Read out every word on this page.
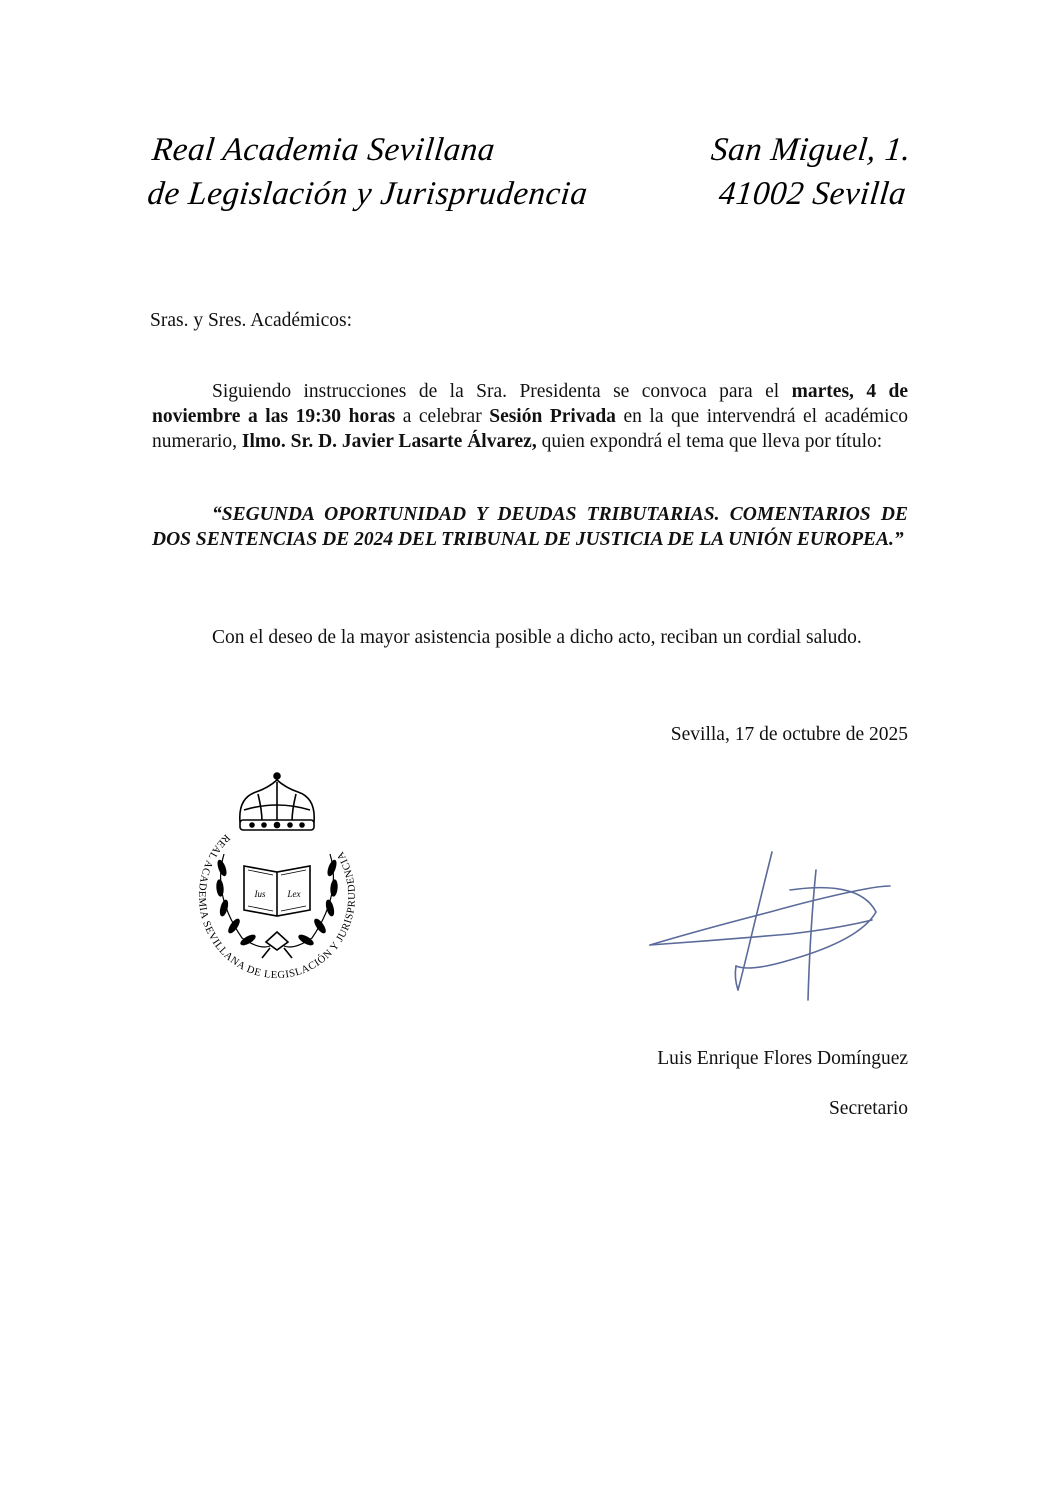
Real Academia Sevillana
de Legislación y Jurisprudencia
San Miguel, 1.
41002 Sevilla
Sras. y Sres. Académicos:

Siguiendo instrucciones de la Sra. Presidenta se convoca para el martes, 4 de noviembre a las 19:30 horas a celebrar Sesión Privada en la que intervendrá el académico numerario, Ilmo. Sr. D. Javier Lasarte Álvarez, quien expondrá el tema que lleva por título:

“SEGUNDA OPORTUNIDAD Y DEUDAS TRIBUTARIAS. COMENTARIOS DE DOS SENTENCIAS DE 2024 DEL TRIBUNAL DE JUSTICIA DE LA UNIÓN EUROPEA.”

Con el deseo de la mayor asistencia posible a dicho acto, reciban un cordial saludo.

Sevilla, 17 de octubre de 2025
Ius Lex
REAL ACADEMIA SEVILLANA DE LEGISLACIÓN Y JURISPRUDENCIA
Luis Enrique Flores Domínguez
Secretario
